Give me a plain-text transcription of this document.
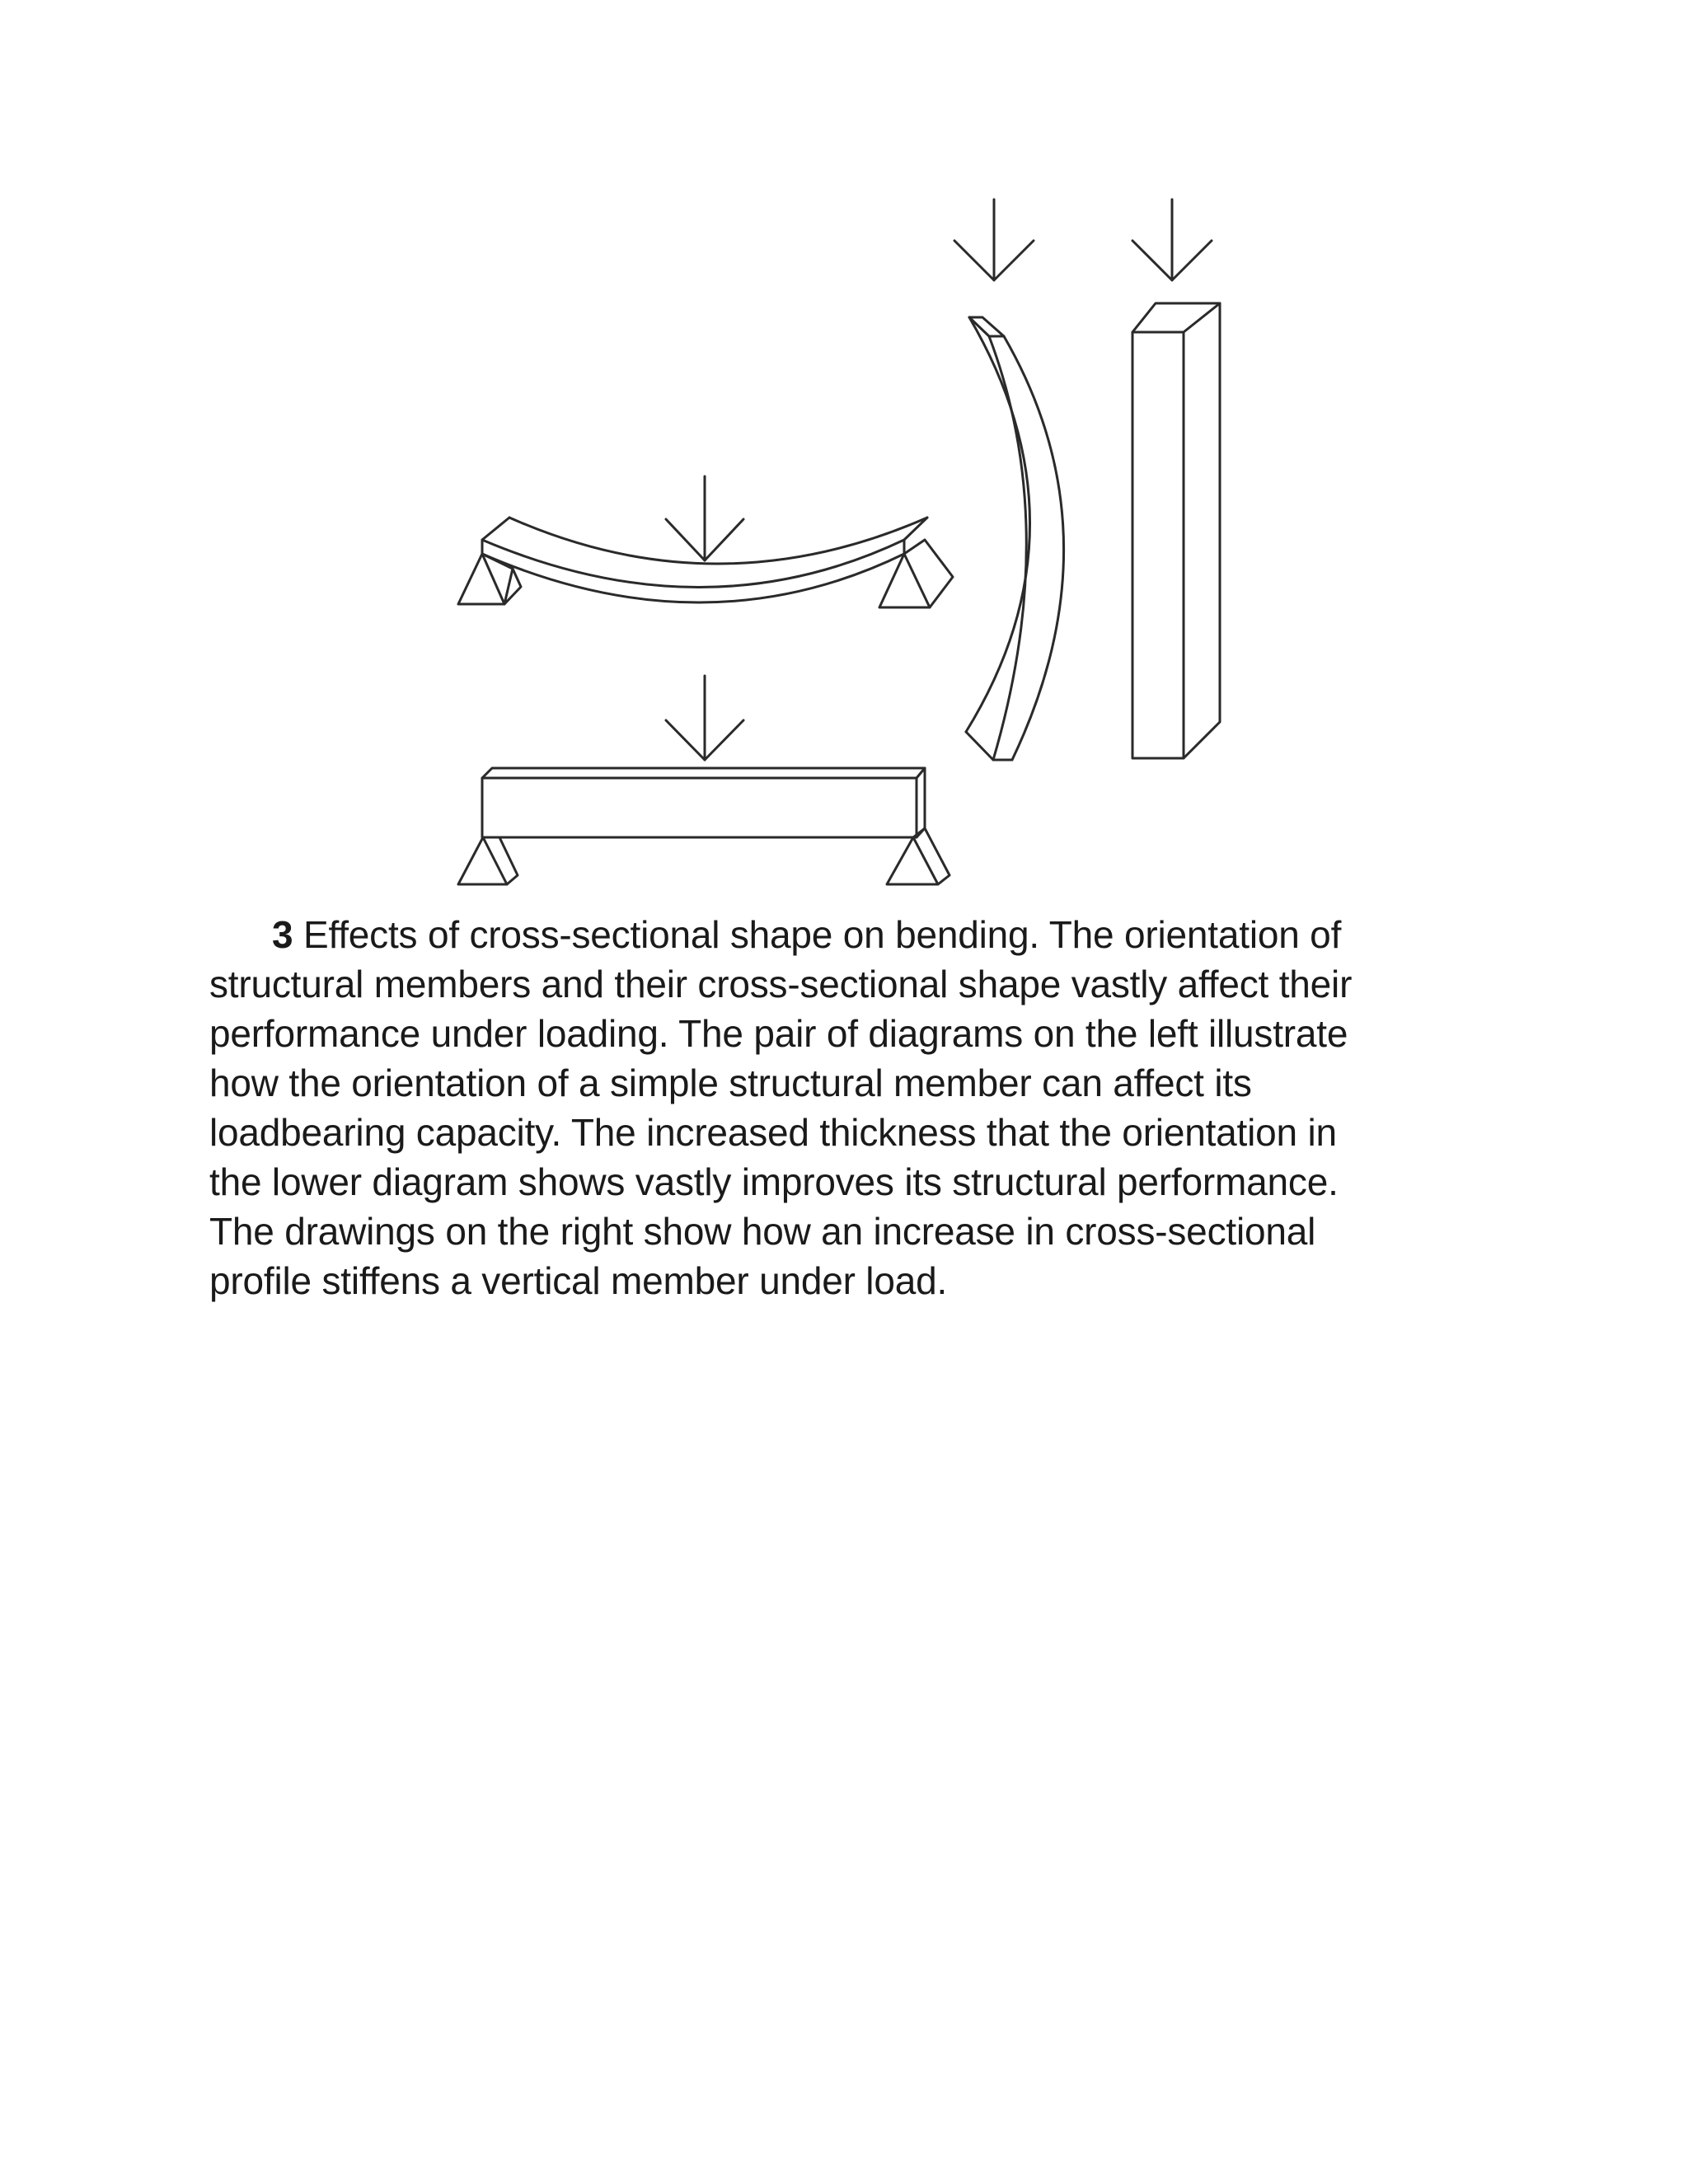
3 Effects of cross-sectional shape on bending. The orientation of
structural members and their cross-sectional shape vastly affect their
performance under loading. The pair of diagrams on the left illustrate
how the orientation of a simple structural member can affect its
loadbearing capacity. The increased thickness that the orientation in
the lower diagram shows vastly improves its structural performance.
The drawings on the right show how an increase in cross-sectional
profile stiffens a vertical member under load.
